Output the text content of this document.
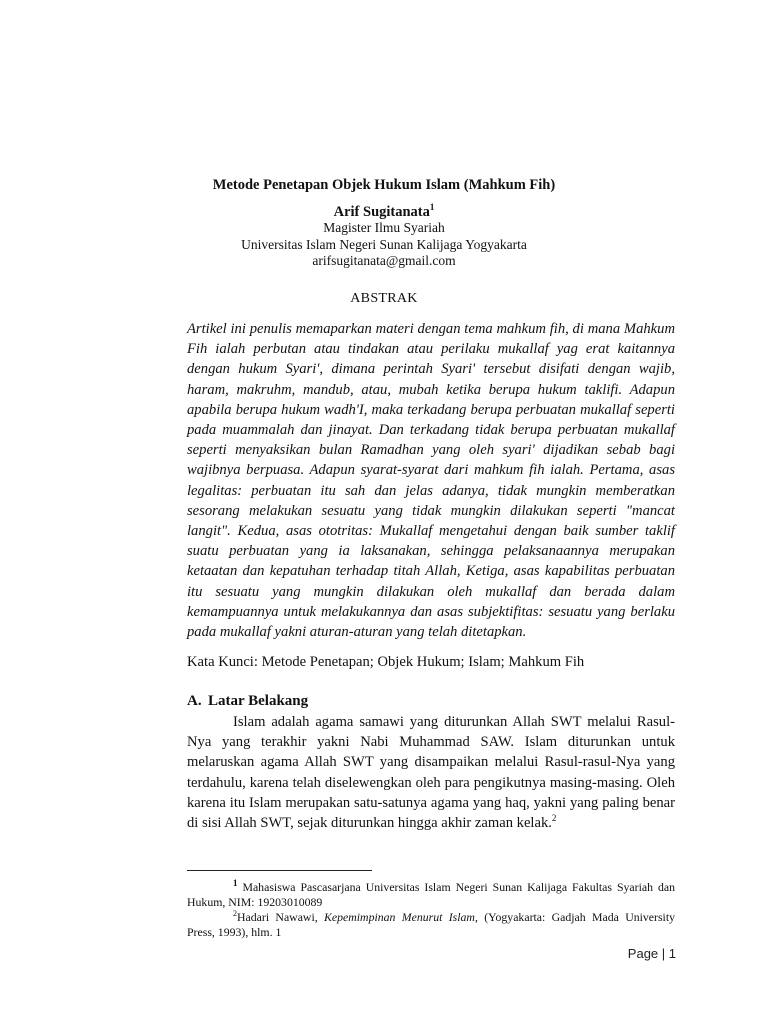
Metode Penetapan Objek Hukum Islam (Mahkum Fih)
Arif Sugitanata$^1$
Magister Ilmu Syariah
Universitas Islam Negeri Sunan Kalijaga Yogyakarta
arifsugitanata@gmail.com
ABSTRAK
Artikel ini penulis memaparkan materi dengan tema mahkum fih, di mana Mahkum Fih ialah perbutan atau tindakan atau perilaku mukallaf yag erat kaitannya dengan hukum Syari', dimana perintah Syari' tersebut disifati dengan wajib, haram, makruhm, mandub, atau, mubah ketika berupa hukum taklifi. Adapun apabila berupa hukum wadh'I, maka terkadang berupa perbuatan mukallaf seperti pada muammalah dan jinayat. Dan terkadang tidak berupa perbuatan mukallaf seperti menyaksikan bulan Ramadhan yang oleh syari' dijadikan sebab bagi wajibnya berpuasa. Adapun syarat-syarat dari mahkum fih ialah. Pertama, asas legalitas: perbuatan itu sah dan jelas adanya, tidak mungkin memberatkan sesorang melakukan sesuatu yang tidak mungkin dilakukan seperti "mancat langit". Kedua, asas ototritas: Mukallaf mengetahui dengan baik sumber taklif suatu perbuatan yang ia laksanakan, sehingga pelaksanaannya merupakan ketaatan dan kepatuhan terhadap titah Allah, Ketiga, asas kapabilitas perbuatan itu sesuatu yang mungkin dilakukan oleh mukallaf dan berada dalam kemampuannya untuk melakukannya dan asas subjektifitas: sesuatu yang berlaku pada mukallaf yakni aturan-aturan yang telah ditetapkan.
Kata Kunci: Metode Penetapan; Objek Hukum; Islam; Mahkum Fih
A. Latar Belakang
Islam adalah agama samawi yang diturunkan Allah SWT melalui Rasul-Nya yang terakhir yakni Nabi Muhammad SAW. Islam diturunkan untuk melaruskan agama Allah SWT yang disampaikan melalui Rasul-rasul-Nya yang terdahulu, karena telah diselewengkan oleh para pengikutnya masing-masing. Oleh karena itu Islam merupakan satu-satunya agama yang haq, yakni yang paling benar di sisi Allah SWT, sejak diturunkan hingga akhir zaman kelak.$^2$

$^1$ Mahasiswa Pascasarjana Universitas Islam Negeri Sunan Kalijaga Fakultas Syariah dan Hukum, NIM: 19203010089

$^2$Hadari Nawawi, Kepemimpinan Menurut Islam, (Yogyakarta: Gadjah Mada University Press, 1993), hlm. 1

Page | 1
